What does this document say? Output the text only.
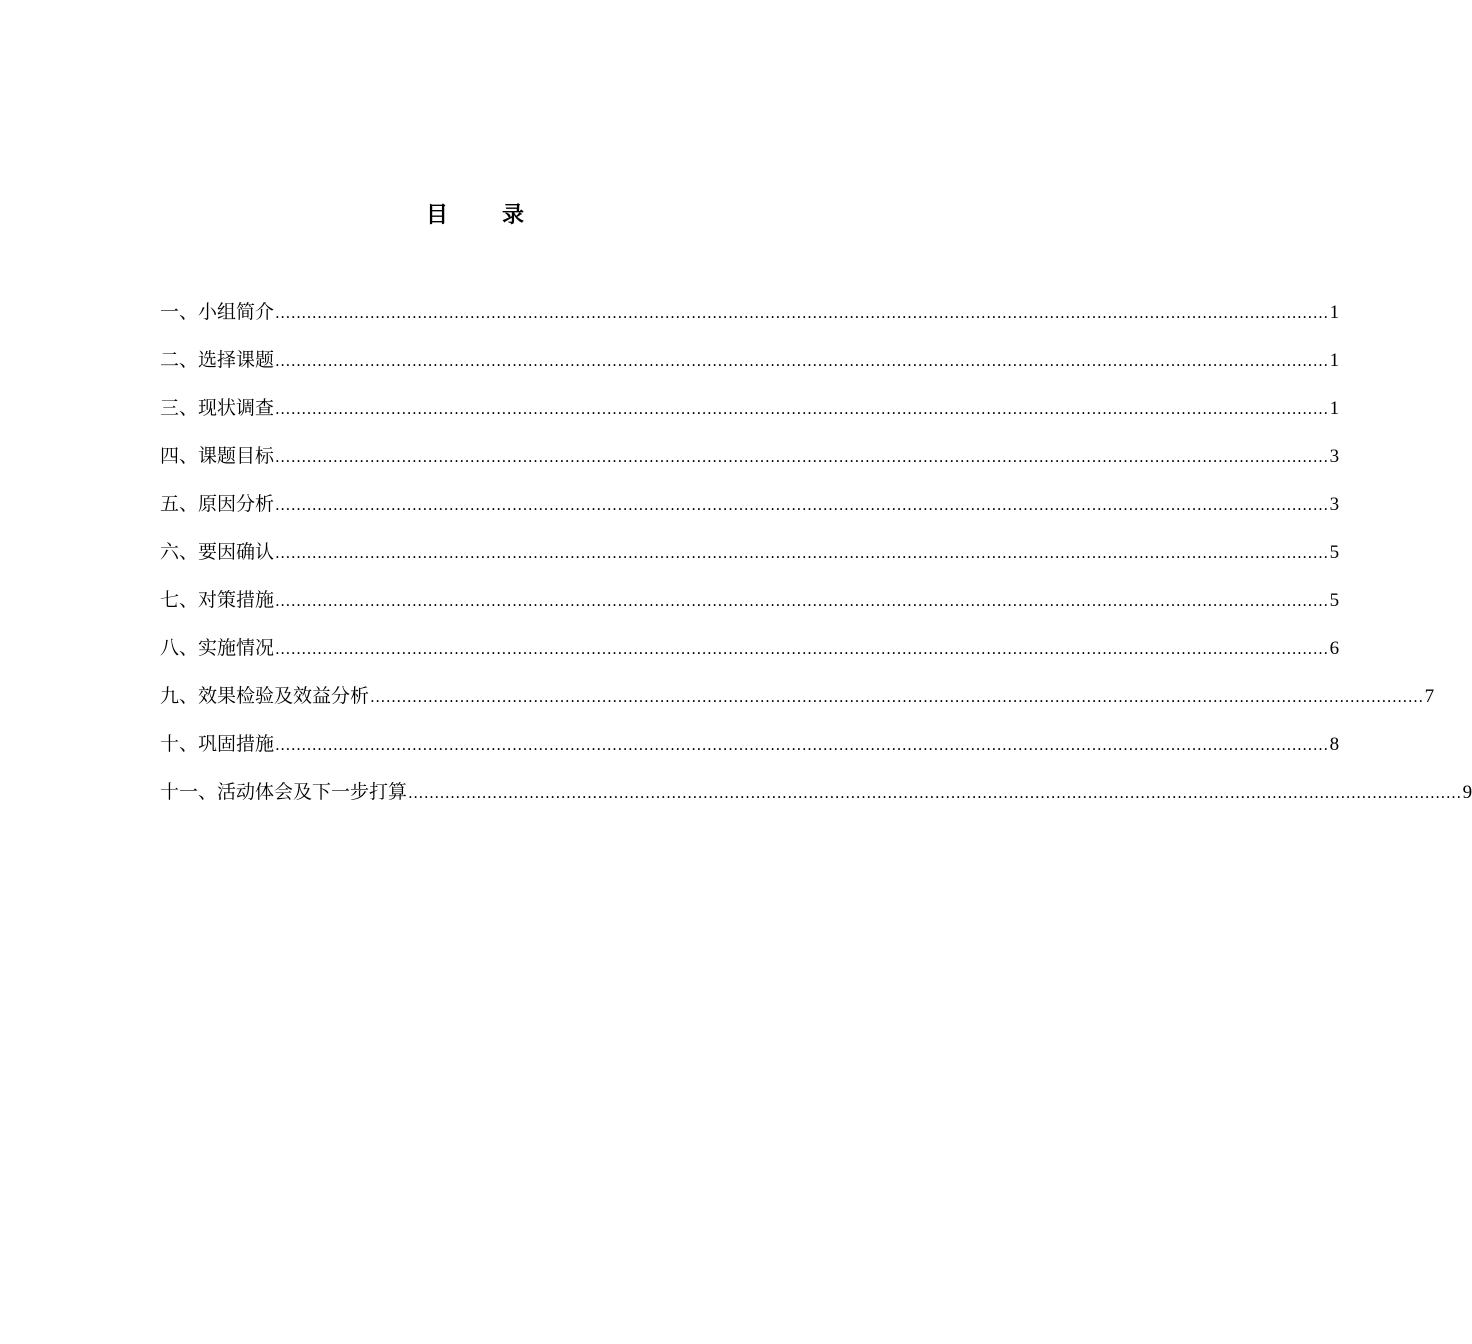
目录
一、小组简介 ........................................................................................................................................................................................................ 1
二、选择课题 ........................................................................................................................................................................................................ 1
三、现状调查 ........................................................................................................................................................................................................ 1
四、课题目标 ........................................................................................................................................................................................................ 3
五、原因分析 ........................................................................................................................................................................................................ 3
六、要因确认 ........................................................................................................................................................................................................ 5
七、对策措施 ........................................................................................................................................................................................................ 5
八、实施情况 ........................................................................................................................................................................................................ 6
九、效果检验及效益分析 ........................................................................................................................................................................................................ 7
十、巩固措施 ........................................................................................................................................................................................................ 8
十一、活动体会及下一步打算 ........................................................................................................................................................................................................ 9
